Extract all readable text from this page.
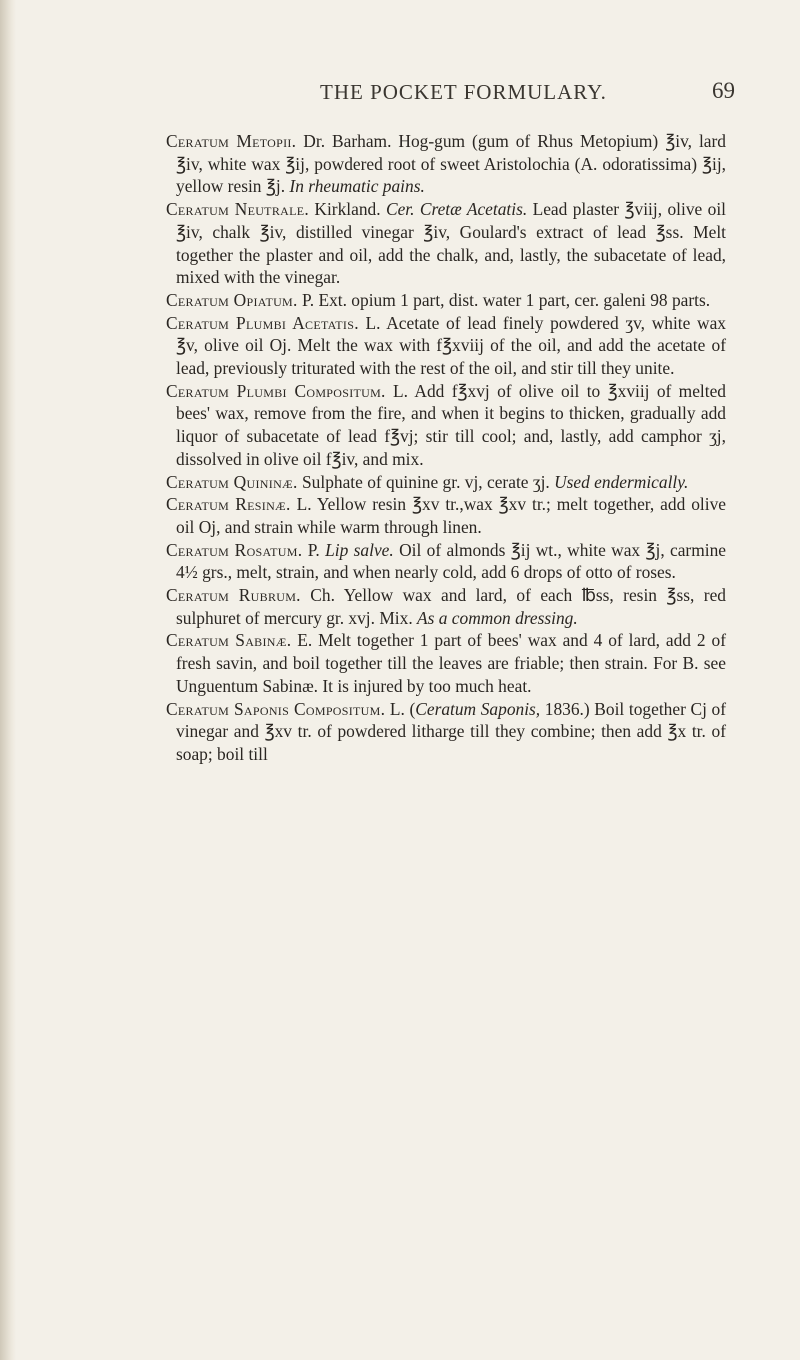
THE POCKET FORMULARY.	69

Ceratum Metopii. Dr. Barham. Hog-gum (gum of Rhus Metopium) ℥iv, lard ℥iv, white wax ℥ij, powdered root of sweet Aristolochia (A. odoratissima) ℥ij, yellow resin ℥j. In rheumatic pains.

Ceratum Neutrale. Kirkland. Cer. Cretæ Acetatis. Lead plaster ℥viij, olive oil ℥iv, chalk ℥iv, distilled vinegar ℥iv, Goulard's extract of lead ℥ss. Melt together the plaster and oil, add the chalk, and, lastly, the subacetate of lead, mixed with the vinegar.

Ceratum Opiatum. P. Ext. opium 1 part, dist. water 1 part, cer. galeni 98 parts.

Ceratum Plumbi Acetatis. L. Acetate of lead finely powdered ʒv, white wax ℥v, olive oil Oj. Melt the wax with f℥xviij of the oil, and add the acetate of lead, previously triturated with the rest of the oil, and stir till they unite.

Ceratum Plumbi Compositum. L. Add f℥xvj of olive oil to ℥xviij of melted bees' wax, remove from the fire, and when it begins to thicken, gradually add liquor of subacetate of lead f℥vj; stir till cool; and, lastly, add camphor ʒj, dissolved in olive oil f℥iv, and mix.

Ceratum Quininæ. Sulphate of quinine gr. vj, cerate ʒj. Used endermically.

Ceratum Resinæ. L. Yellow resin ℥xv tr.,wax ℥xv tr.; melt together, add olive oil Oj, and strain while warm through linen.

Ceratum Rosatum. P. Lip salve. Oil of almonds ℥ij wt., white wax ℥j, carmine 4½ grs., melt, strain, and when nearly cold, add 6 drops of otto of roses.

Ceratum Rubrum. Ch. Yellow wax and lard, of each ℔ss, resin ℥ss, red sulphuret of mercury gr. xvj. Mix. As a common dressing.

Ceratum Sabinæ. E. Melt together 1 part of bees' wax and 4 of lard, add 2 of fresh savin, and boil together till the leaves are friable; then strain. For B. see Unguentum Sabinæ. It is injured by too much heat.

Ceratum Saponis Compositum. L. (Ceratum Saponis, 1836.) Boil together Cj of vinegar and ℥xv tr. of powdered litharge till they combine; then add ℥x tr. of soap; boil till
